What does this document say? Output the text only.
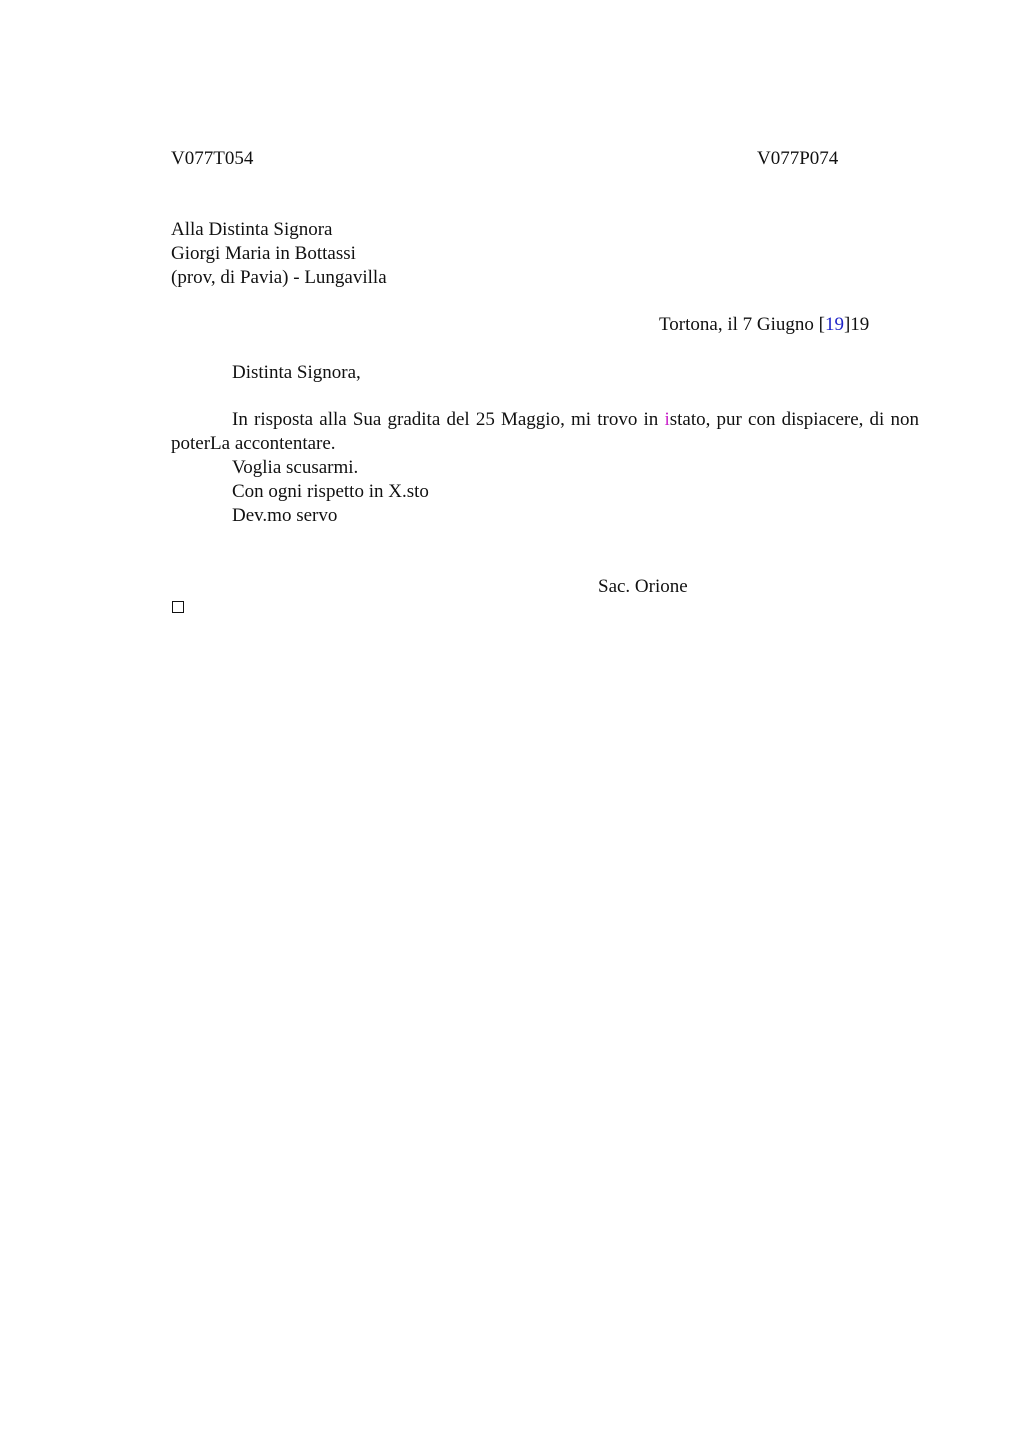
V077T054	V077P074
Alla Distinta Signora
Giorgi Maria in Bottassi
(prov, di Pavia) - Lungavilla
Tortona, il 7 Giugno [19]19
Distinta Signora,
In risposta alla Sua gradita del 25 Maggio, mi trovo in istato, pur con dispiacere, di non poterLa accontentare.
Voglia scusarmi.
Con ogni rispetto in X.sto
Dev.mo servo
Sac. Orione
